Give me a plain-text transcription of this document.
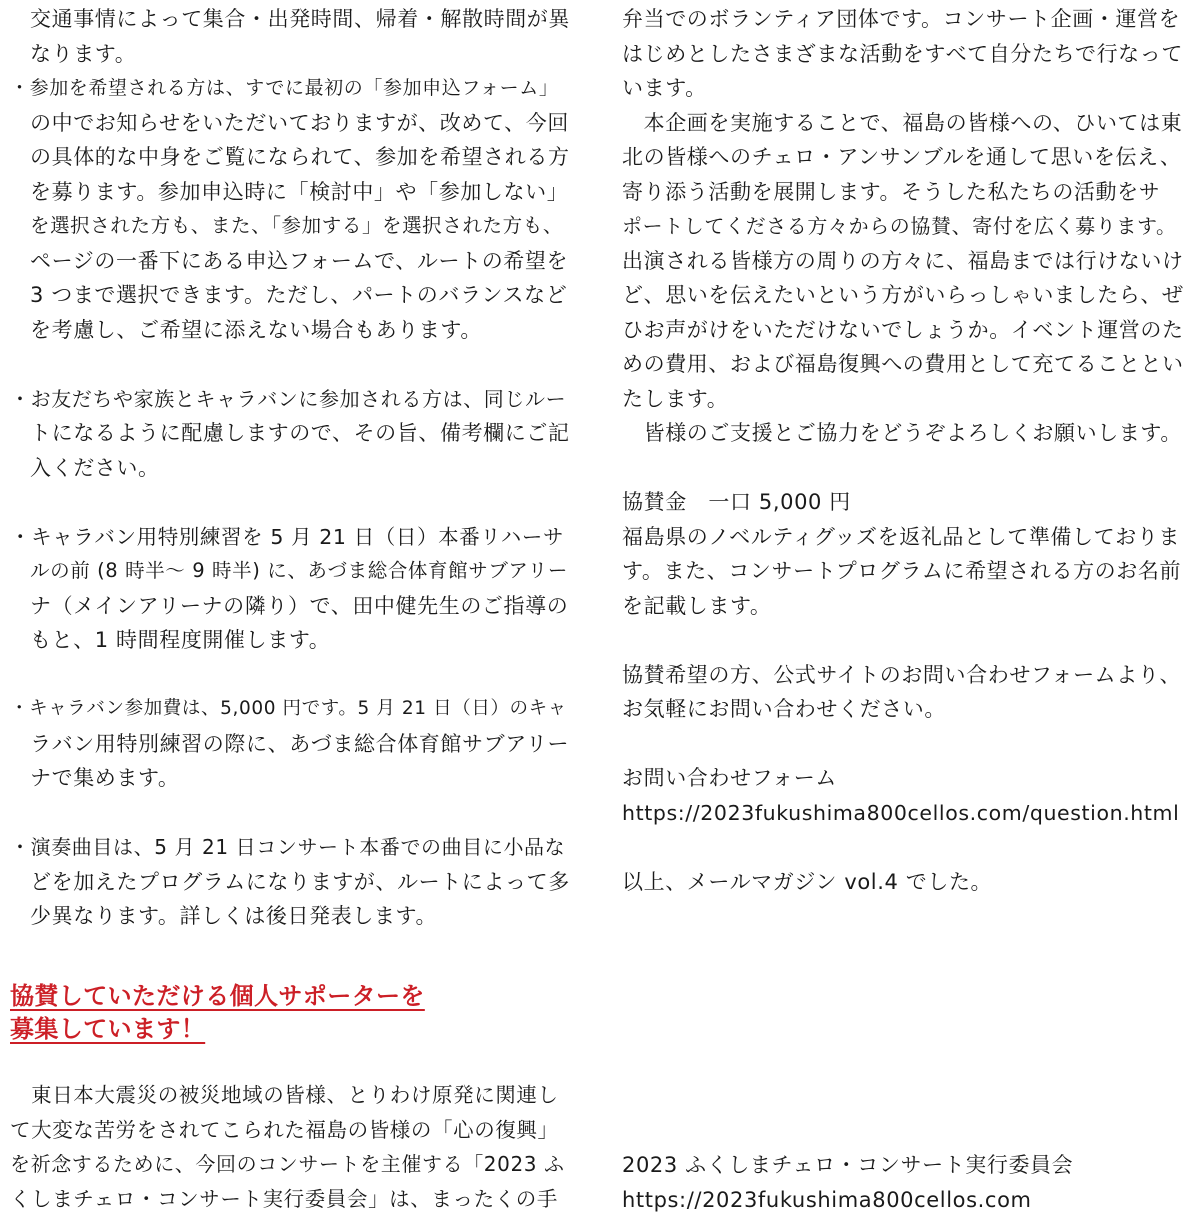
交通事情によって集合・出発時間、帰着・解散時間が異
なります。
・参加を希望される方は、すでに最初の「参加申込フォーム」
の中でお知らせをいただいておりますが、改めて、今回
の具体的な中身をご覧になられて、参加を希望される方
を募ります。参加申込時に「検討中」や「参加しない」
を選択された方も、また、「参加する」を選択された方も、
ページの一番下にある申込フォームで、ルートの希望を
3 つまで選択できます。ただし、パートのバランスなど
を考慮し、ご希望に添えない場合もあります。
・お友だちや家族とキャラバンに参加される方は、同じルー
トになるように配慮しますので、その旨、備考欄にご記
入ください。
・キャラバン用特別練習を 5 月 21 日（日）本番リハーサ
ルの前 (8 時半〜 9 時半) に、あづま総合体育館サブアリー
ナ（メインアリーナの隣り）で、田中健先生のご指導の
もと、1 時間程度開催します。
・キャラバン参加費は、5,000 円です。5 月 21 日（日）のキャ
ラバン用特別練習の際に、あづま総合体育館サブアリー
ナで集めます。
・演奏曲目は、5 月 21 日コンサート本番での曲目に小品な
どを加えたプログラムになりますが、ルートによって多
少異なります。詳しくは後日発表します。
協賛していただける個人サポーターを
募集しています！
　東日本大震災の被災地域の皆様、とりわけ原発に関連し
て大変な苦労をされてこられた福島の皆様の「心の復興」
を祈念するために、今回のコンサートを主催する「2023 ふ
くしまチェロ・コンサート実行委員会」は、まったくの手
弁当でのボランティア団体です。コンサート企画・運営を
はじめとしたさまざまな活動をすべて自分たちで行なって
います。
　本企画を実施することで、福島の皆様への、ひいては東
北の皆様へのチェロ・アンサンブルを通して思いを伝え、
寄り添う活動を展開します。そうした私たちの活動をサ
ポートしてくださる方々からの協賛、寄付を広く募ります。
出演される皆様方の周りの方々に、福島までは行けないけ
ど、思いを伝えたいという方がいらっしゃいましたら、ぜ
ひお声がけをいただけないでしょうか。イベント運営のた
めの費用、および福島復興への費用として充てることとい
たします。
　皆様のご支援とご協力をどうぞよろしくお願いします。
協賛金　一口 5,000 円
福島県のノベルティグッズを返礼品として準備しておりま
す。また、コンサートプログラムに希望される方のお名前
を記載します。
協賛希望の方、公式サイトのお問い合わせフォームより、
お気軽にお問い合わせください。
お問い合わせフォーム
https://2023fukushima800cellos.com/question.html
以上、メールマガジン vol.4 でした。
2023 ふくしまチェロ・コンサート実行委員会
https://2023fukushima800cellos.com
